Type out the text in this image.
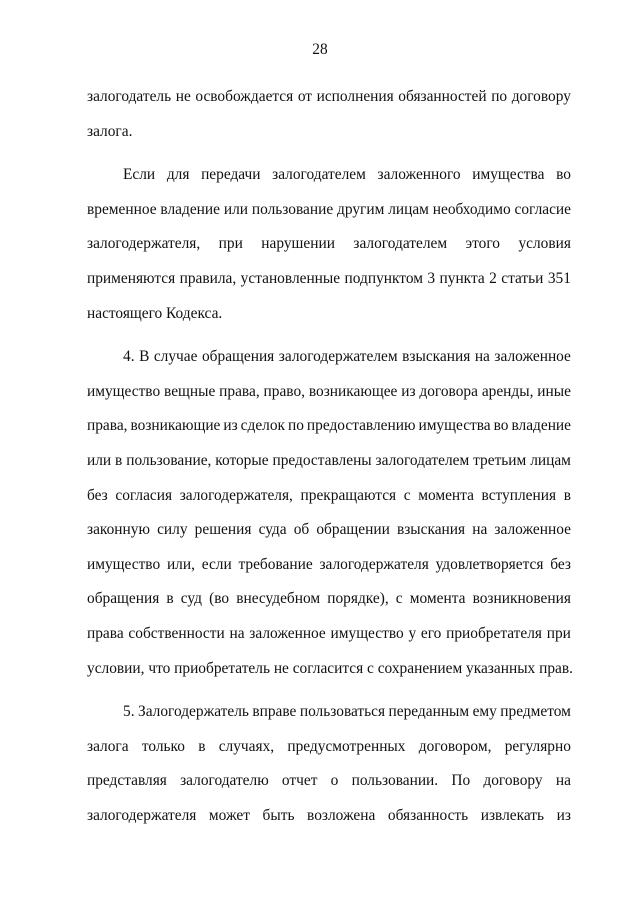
28
залогодатель не освобождается от исполнения обязанностей по договору
залога.
Если для передачи залогодателем заложенного имущества во
временное владение или пользование другим лицам необходимо согласие
залогодержателя, при нарушении залогодателем этого условия
применяются правила, установленные подпунктом 3 пункта 2 статьи 351
настоящего Кодекса.
4. В случае обращения залогодержателем взыскания на заложенное
имущество вещные права, право, возникающее из договора аренды, иные
права, возникающие из сделок по предоставлению имущества во владение
или в пользование, которые предоставлены залогодателем третьим лицам
без согласия залогодержателя, прекращаются с момента вступления в
законную силу решения суда об обращении взыскания на заложенное
имущество или, если требование залогодержателя удовлетворяется без
обращения в суд (во внесудебном порядке), с момента возникновения
права собственности на заложенное имущество у его приобретателя при
условии, что приобретатель не согласится с сохранением указанных прав.
5. Залогодержатель вправе пользоваться переданным ему предметом
залога только в случаях, предусмотренных договором, регулярно
представляя залогодателю отчет о пользовании. По договору на
залогодержателя может быть возложена обязанность извлекать из
